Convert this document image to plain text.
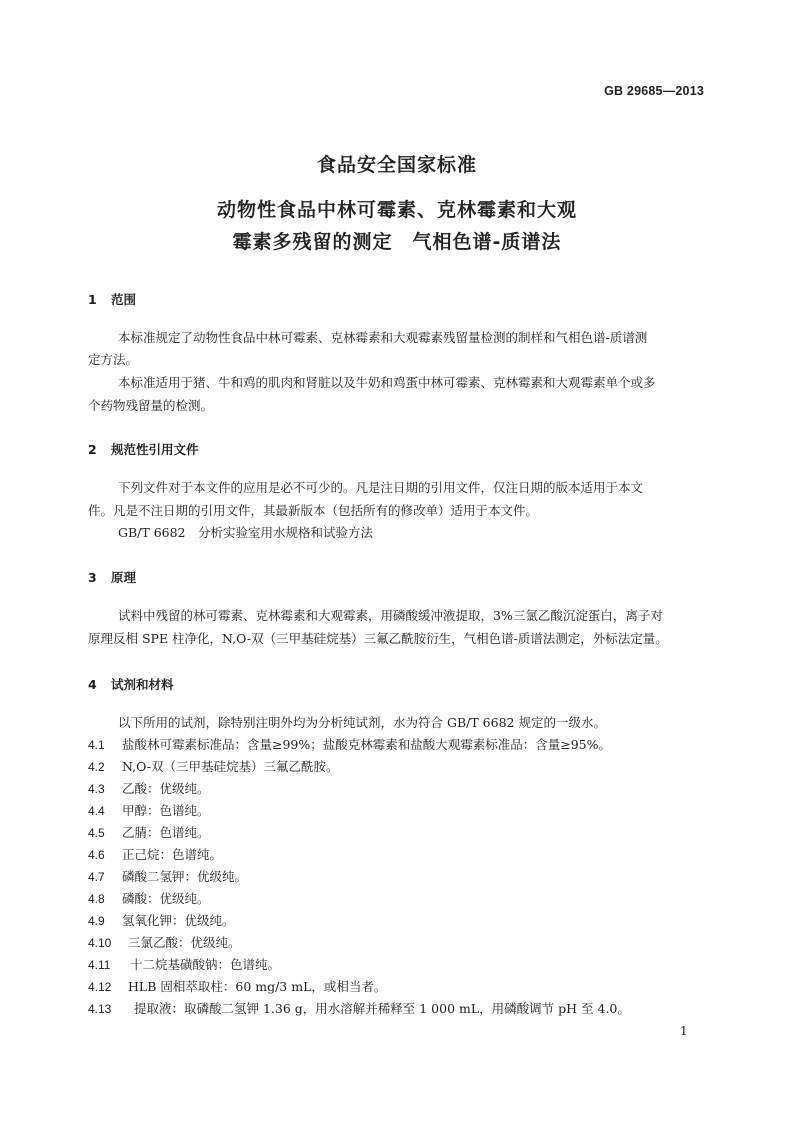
GB 29685—2013
食品安全国家标准
动物性食品中林可霉素、克林霉素和大观
霉素多残留的测定　气相色谱-质谱法
1 范围
本标准规定了动物性食品中林可霉素、克林霉素和大观霉素残留量检测的制样和气相色谱-质谱测
定方法。
本标准适用于猪、牛和鸡的肌肉和肾脏以及牛奶和鸡蛋中林可霉素、克林霉素和大观霉素单个或多
个药物残留量的检测。
2 规范性引用文件
下列文件对于本文件的应用是必不可少的。凡是注日期的引用文件，仅注日期的版本适用于本文
件。凡是不注日期的引用文件，其最新版本（包括所有的修改单）适用于本文件。
GB/T 6682　分析实验室用水规格和试验方法
3 原理
试料中残留的林可霉素、克林霉素和大观霉素，用磷酸缓冲液提取，3%三氯乙酸沉淀蛋白，离子对
原理反相 SPE 柱净化，N,O-双（三甲基硅烷基）三氟乙酰胺衍生，气相色谱-质谱法测定，外标法定量。
4 试剂和材料
以下所用的试剂，除特别注明外均为分析纯试剂，水为符合 GB/T 6682 规定的一级水。
4.1 盐酸林可霉素标准品：含量≥99%；盐酸克林霉素和盐酸大观霉素标准品：含量≥95%。
4.2 N,O-双（三甲基硅烷基）三氟乙酰胺。
4.3 乙酸：优级纯。
4.4 甲醇：色谱纯。
4.5 乙腈：色谱纯。
4.6 正己烷：色谱纯。
4.7 磷酸二氢钾：优级纯。
4.8 磷酸：优级纯。
4.9 氢氧化钾：优级纯。
4.10 三氯乙酸：优级纯。
4.11 十二烷基磺酸钠：色谱纯。
4.12 HLB 固相萃取柱：60 mg/3 mL，或相当者。
4.13 提取液：取磷酸二氢钾 1.36 g，用水溶解并稀释至 1 000 mL，用磷酸调节 pH 至 4.0。
1
